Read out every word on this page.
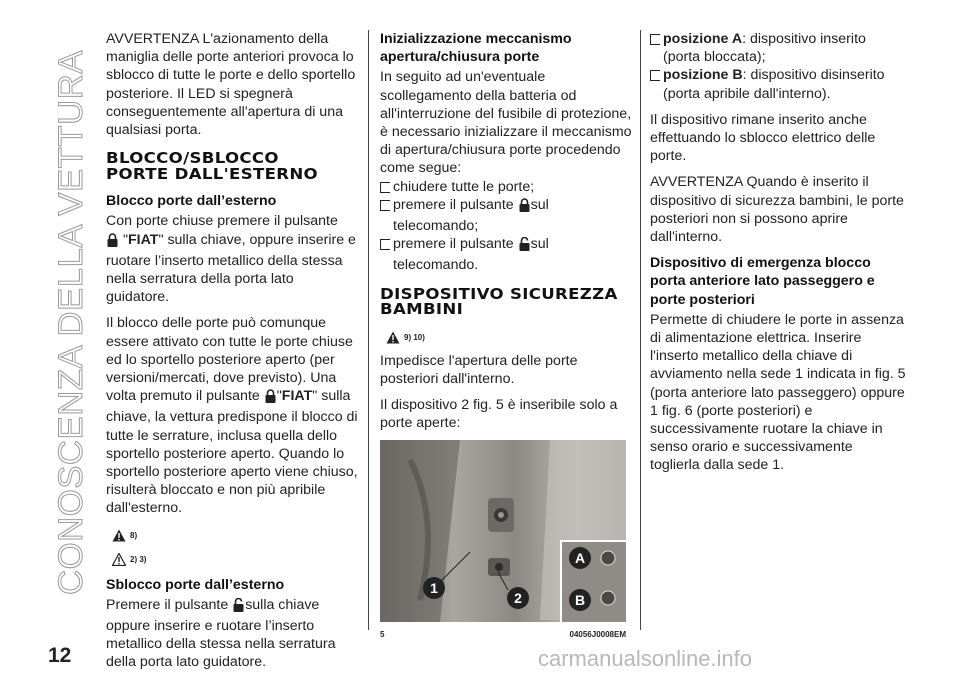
CONOSCENZA DELLA VETTURA

AVVERTENZA L'azionamento della maniglia delle porte anteriori provoca lo sblocco di tutte le porte e dello sportello posteriore. Il LED si spegnerà conseguentemente all'apertura di una qualsiasi porta.

BLOCCO/SBLOCCO
PORTE DALL'ESTERNO
Blocco porte dall’esterno

Con porte chiuse premere il pulsante
"FIAT" sulla chiave, oppure inserire e ruotare l’inserto metallico della stessa nella serratura della porta lato guidatore.

Il blocco delle porte può comunque essere attivato con tutte le porte chiuse ed lo sportello posteriore aperto (per versioni/mercati, dove previsto). Una volta premuto il pulsante "FIAT" sulla chiave, la vettura predispone il blocco di tutte le serrature, inclusa quella dello sportello posteriore aperto. Quando lo sportello posteriore aperto viene chiuso, risulterà bloccato e non più apribile dall'esterno.

8)
2) 3)
Sblocco porte dall’esterno

Premere il pulsante sulla chiave oppure inserire e ruotare l’inserto metallico della stessa nella serratura della porta lato guidatore.

Inizializzazione meccanismo apertura/chiusura porte

In seguito ad un'eventuale scollegamento della batteria od all'interruzione del fusibile di protezione, è necessario inizializzare il meccanismo di apertura/chiusura porte procedendo come segue:

chiudere tutte le porte;
premere il pulsante sul telecomando;
premere il pulsante sul telecomando.
DISPOSITIVO SICUREZZA
BAMBINI
9) 10)

Impedisce l'apertura delle porte posteriori dall'interno.

Il dispositivo 2 fig. 5 è inseribile solo a porte aperte:

1
2
A
B
5	04056J0008EM
posizione A: dispositivo inserito (porta bloccata);
posizione B: dispositivo disinserito (porta apribile dall'interno).

Il dispositivo rimane inserito anche effettuando lo sblocco elettrico delle porte.

AVVERTENZA Quando è inserito il dispositivo di sicurezza bambini, le porte posteriori non si possono aprire dall'interno.

Dispositivo di emergenza blocco porta anteriore lato passeggero e porte posteriori

Permette di chiudere le porte in assenza di alimentazione elettrica. Inserire l'inserto metallico della chiave di avviamento nella sede 1 indicata in fig. 5 (porta anteriore lato passeggero) oppure 1 fig. 6 (porte posteriori) e successivamente ruotare la chiave in senso orario e successivamente toglierla dalla sede 1.

12	carmanualsonline.info
